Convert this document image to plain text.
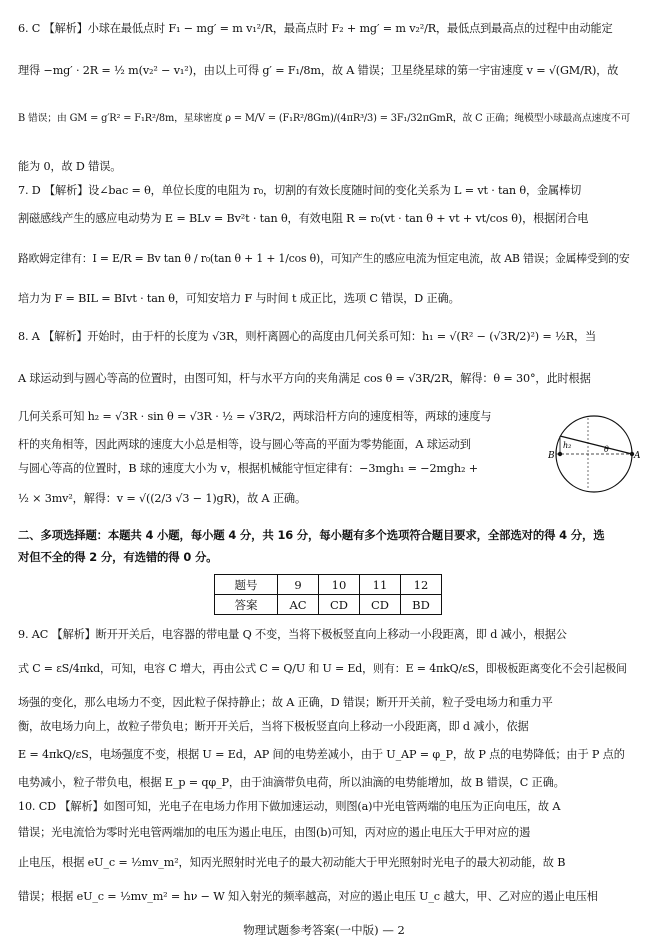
6. C 【解析】小球在最低点时 F₁ − mg′ = m v₁²/R，最高点时 F₂ + mg′ = m v₂²/R，最低点到最高点的过程中由动能定
理得 −mg′ · 2R = ½ m(v₂² − v₁²)，由以上可得 g′ = F₁/8m，故 A 错误；卫星绕星球的第一宇宙速度 v = √(GM/R)，故
B 错误；由 GM = g′R² = F₁R²/8m，星球密度 ρ = M/V = (F₁R²/8Gm)/(4πR³/3) = 3F₁/32πGmR，故 C 正确；绳模型小球最高点速度不可
能为 0，故 D 错误。
7. D 【解析】设∠bac = θ，单位长度的电阻为 r₀，切割的有效长度随时间的变化关系为 L = vt · tan θ，金属棒切
割磁感线产生的感应电动势为 E = BLv = Bv²t · tan θ，有效电阻 R = r₀(vt · tan θ + vt + vt/cos θ)，根据闭合电
路欧姆定律有：I = E/R = Bv tan θ / r₀(tan θ + 1 + 1/cos θ)，可知产生的感应电流为恒定电流，故 AB 错误；金属棒受到的安
培力为 F = BIL = BIvt · tan θ，可知安培力 F 与时间 t 成正比，选项 C 错误，D 正确。
8. A 【解析】开始时，由于杆的长度为 √3R，则杆离圆心的高度由几何关系可知：h₁ = √(R² − (√3R/2)²) = ½R，当
A 球运动到与圆心等高的位置时，由图可知，杆与水平方向的夹角满足 cos θ = √3R/2R，解得：θ = 30°，此时根据
几何关系可知 h₂ = √3R · sin θ = √3R · ½ = √3R/2，两球沿杆方向的速度相等，两球的速度与
杆的夹角相等，因此两球的速度大小总是相等，设与圆心等高的平面为零势能面，A 球运动到
与圆心等高的位置时，B 球的速度大小为 v，根据机械能守恒定律有：−3mgh₁ = −2mgh₂ +
½ × 3mv²，解得：v = √((2/3 √3 − 1)gR)，故 A 正确。
B	A
h₂	θ
二、多项选择题：本题共 4 小题，每小题 4 分，共 16 分，每小题有多个选项符合题目要求，全部选对的得 4 分，选
对但不全的得 2 分，有选错的得 0 分。
题号	9	10	11	12
答案	AC	CD	CD	BD
9. AC 【解析】断开开关后，电容器的带电量 Q 不变，当将下极板竖直向上移动一小段距离，即 d 减小，根据公
式 C = εS/4πkd，可知，电容 C 增大，再由公式 C = Q/U 和 U = Ed，则有：E = 4πkQ/εS，即极板距离变化不会引起极间
场强的变化，那么电场力不变，因此粒子保持静止；故 A 正确，D 错误；断开开关前，粒子受电场力和重力平
衡，故电场力向上，故粒子带负电；断开开关后，当将下极板竖直向上移动一小段距离，即 d 减小，依据
E = 4πkQ/εS，电场强度不变，根据 U = Ed，AP 间的电势差减小，由于 U_AP = φ_P，故 P 点的电势降低；由于 P 点的
电势减小，粒子带负电，根据 E_p = qφ_P，由于油滴带负电荷，所以油滴的电势能增加，故 B 错误，C 正确。
10. CD 【解析】如图可知，光电子在电场力作用下做加速运动，则图(a)中光电管两端的电压为正向电压，故 A
错误；光电流恰为零时光电管两端加的电压为遏止电压，由图(b)可知，丙对应的遏止电压大于甲对应的遏
止电压，根据 eU_c = ½mv_m²，知丙光照射时光电子的最大初动能大于甲光照射时光电子的最大初动能，故 B
错误；根据 eU_c = ½mv_m² = hν − W 知入射光的频率越高，对应的遏止电压 U_c 越大，甲、乙对应的遏止电压相
物理试题参考答案(一中版) — 2
